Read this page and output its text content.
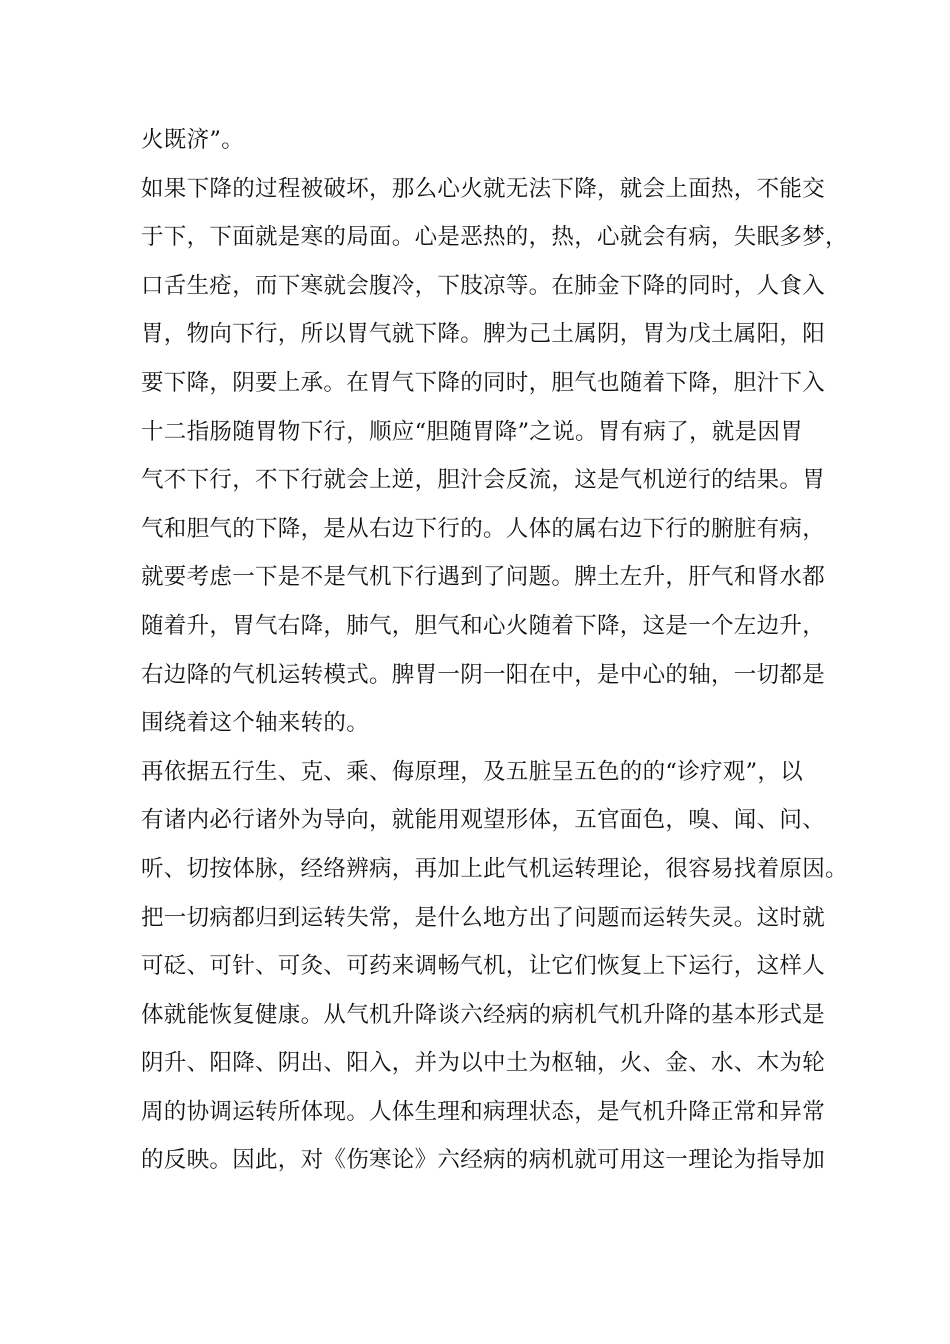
火既济”。
如果下降的过程被破坏，那么心火就无法下降，就会上面热，不能交
于下，下面就是寒的局面。心是恶热的，热，心就会有病，失眠多梦，
口舌生疮，而下寒就会腹冷，下肢凉等。在肺金下降的同时，人食入
胃，物向下行，所以胃气就下降。脾为己土属阴，胃为戊土属阳，阳
要下降，阴要上承。在胃气下降的同时，胆气也随着下降，胆汁下入
十二指肠随胃物下行，顺应“胆随胃降”之说。胃有病了，就是因胃
气不下行，不下行就会上逆，胆汁会反流，这是气机逆行的结果。胃
气和胆气的下降，是从右边下行的。人体的属右边下行的腑脏有病，
就要考虑一下是不是气机下行遇到了问题。脾土左升，肝气和肾水都
随着升，胃气右降，肺气，胆气和心火随着下降，这是一个左边升，
右边降的气机运转模式。脾胃一阴一阳在中，是中心的轴，一切都是
围绕着这个轴来转的。
再依据五行生、克、乘、侮原理，及五脏呈五色的的“诊疗观”，以
有诸内必行诸外为导向，就能用观望形体，五官面色，嗅、闻、问、
听、切按体脉，经络辨病，再加上此气机运转理论，很容易找着原因。
把一切病都归到运转失常，是什么地方出了问题而运转失灵。这时就
可砭、可针、可灸、可药来调畅气机，让它们恢复上下运行，这样人
体就能恢复健康。从气机升降谈六经病的病机气机升降的基本形式是
阴升、阳降、阴出、阳入，并为以中土为枢轴，火、金、水、木为轮
周的协调运转所体现。人体生理和病理状态，是气机升降正常和异常
的反映。因此，对《伤寒论》六经病的病机就可用这一理论为指导加
